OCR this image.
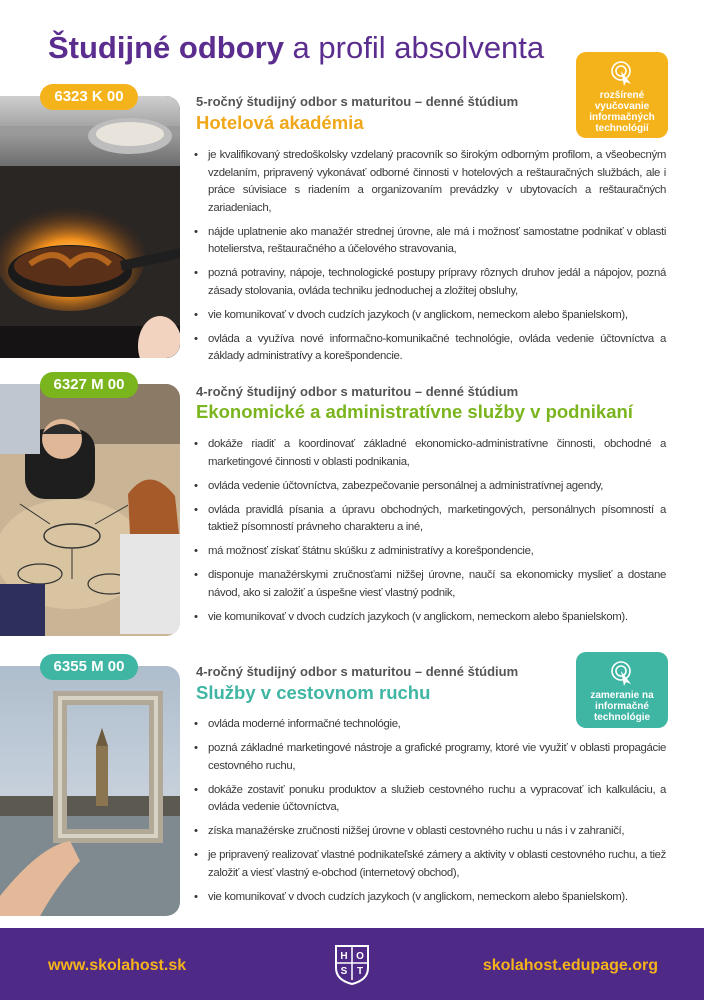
Študijné odbory a profil absolventa
6323 K 00	5-ročný študijný odbor s maturitou – denné štúdium
Hotelová akadémia
rozšírené vyučovanie informačných technológií
• je kvalifikovaný stredoškolsky vzdelaný pracovník so širokým odborným profilom, a všeobecným vzdelaním, pripravený vykonávať odborné činnosti v hotelových a reštauračných službách, ale i práce súvisiace s riadením a organizovaním prevádzky v ubytovacích a reštauračných zariadeniach,
• nájde uplatnenie ako manažér strednej úrovne, ale má i možnosť samostatne podnikať v oblasti hotelierstva, reštauračného a účelového stravovania,
• pozná potraviny, nápoje, technologické postupy prípravy rôznych druhov jedál a nápojov, pozná zásady stolovania, ovláda techniku jednoduchej a zložitej obsluhy,
• vie komunikovať v dvoch cudzích jazykoch (v anglickom, nemeckom alebo španielskom),
• ovláda a využíva nové informačno-komunikačné technológie, ovláda vedenie účtovníctva a základy administratívy a korešpondencie.
6327 M 00	4-ročný študijný odbor s maturitou – denné štúdium
Ekonomické a administratívne služby v podnikaní
• dokáže riadiť a koordinovať základné ekonomicko-administratívne činnosti, obchodné a marketingové činnosti v oblasti podnikania,
• ovláda vedenie účtovníctva, zabezpečovanie personálnej a administratívnej agendy,
• ovláda pravidlá písania a úpravu obchodných, marketingových, personálnych písomností a taktiež písomností právneho charakteru a iné,
• má možnosť získať štátnu skúšku z administratívy a korešpondencie,
• disponuje manažérskymi zručnosťami nižšej úrovne, naučí sa ekonomicky myslieť a dostane návod, ako si založiť a úspešne viesť vlastný podnik,
• vie komunikovať v dvoch cudzích jazykoch (v anglickom, nemeckom alebo španielskom).
6355 M 00	4-ročný študijný odbor s maturitou – denné štúdium
Služby v cestovnom ruchu	zameranie na informačné technológie
• ovláda moderné informačné technológie,
• pozná základné marketingové nástroje a grafické programy, ktoré vie využiť v oblasti propagácie cestovného ruchu,
• dokáže zostaviť ponuku produktov a služieb cestovného ruchu a vypracovať ich kalkuláciu, a ovláda vedenie účtovníctva,
• získa manažérske zručnosti nižšej úrovne v oblasti cestovného ruchu u nás i v zahraničí,
• je pripravený realizovať vlastné podnikateľské zámery a aktivity v oblasti cestovného ruchu, a tiež založiť a viesť vlastný e-obchod (internetový obchod),
• vie komunikovať v dvoch cudzích jazykoch (v anglickom, nemeckom alebo španielskom).
www.skolahost.sk
H O
S T	skolahost.edupage.org
